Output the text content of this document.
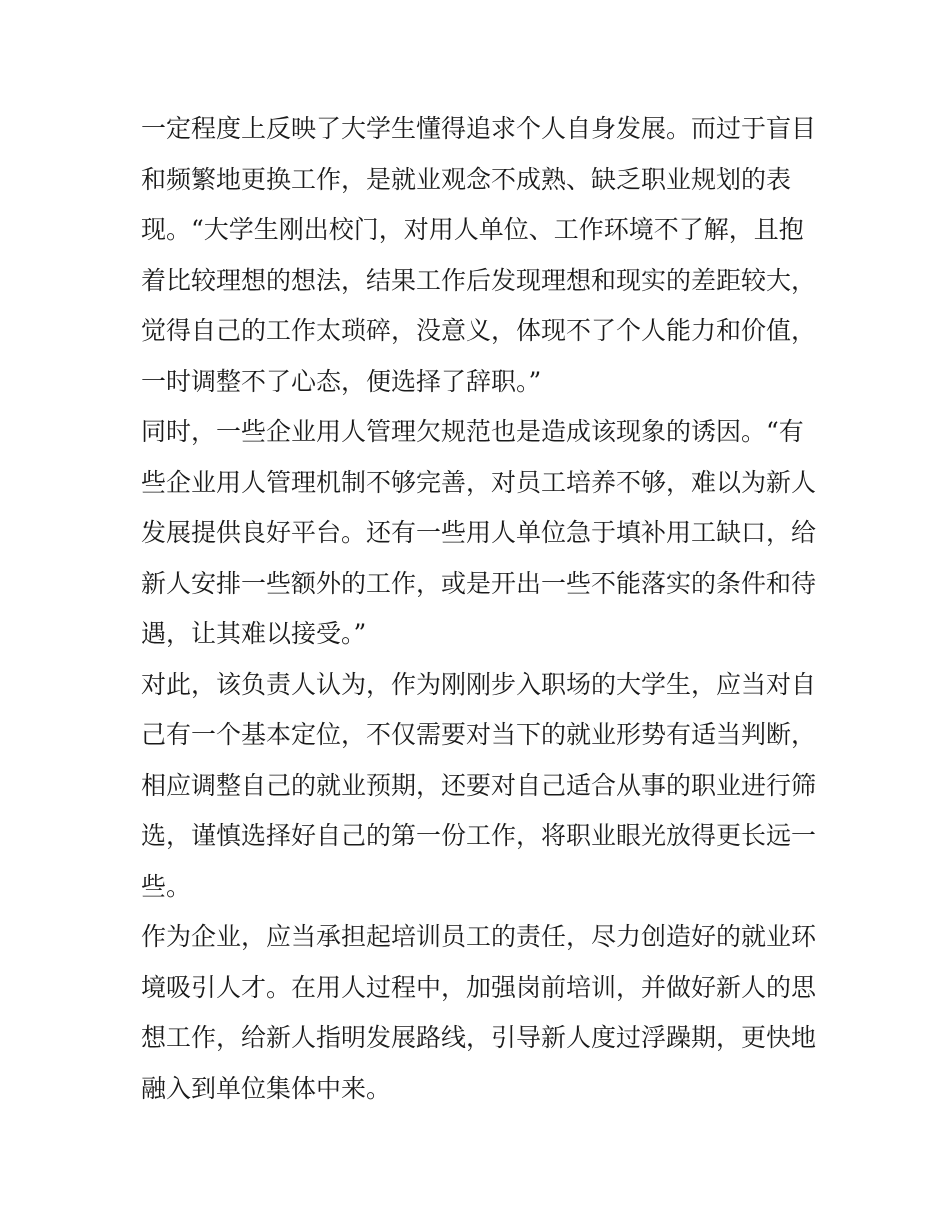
一定程度上反映了大学生懂得追求个人自身发展。而过于盲目
和频繁地更换工作，是就业观念不成熟、缺乏职业规划的表
现。“大学生刚出校门，对用人单位、工作环境不了解，且抱
着比较理想的想法，结果工作后发现理想和现实的差距较大，
觉得自己的工作太琐碎，没意义，体现不了个人能力和价值，
一时调整不了心态，便选择了辞职。”
同时，一些企业用人管理欠规范也是造成该现象的诱因。“有
些企业用人管理机制不够完善，对员工培养不够，难以为新人
发展提供良好平台。还有一些用人单位急于填补用工缺口，给
新人安排一些额外的工作，或是开出一些不能落实的条件和待
遇，让其难以接受。”
对此，该负责人认为，作为刚刚步入职场的大学生，应当对自
己有一个基本定位，不仅需要对当下的就业形势有适当判断，
相应调整自己的就业预期，还要对自己适合从事的职业进行筛
选，谨慎选择好自己的第一份工作，将职业眼光放得更长远一
些。
作为企业，应当承担起培训员工的责任，尽力创造好的就业环
境吸引人才。在用人过程中，加强岗前培训，并做好新人的思
想工作，给新人指明发展路线，引导新人度过浮躁期，更快地
融入到单位集体中来。
